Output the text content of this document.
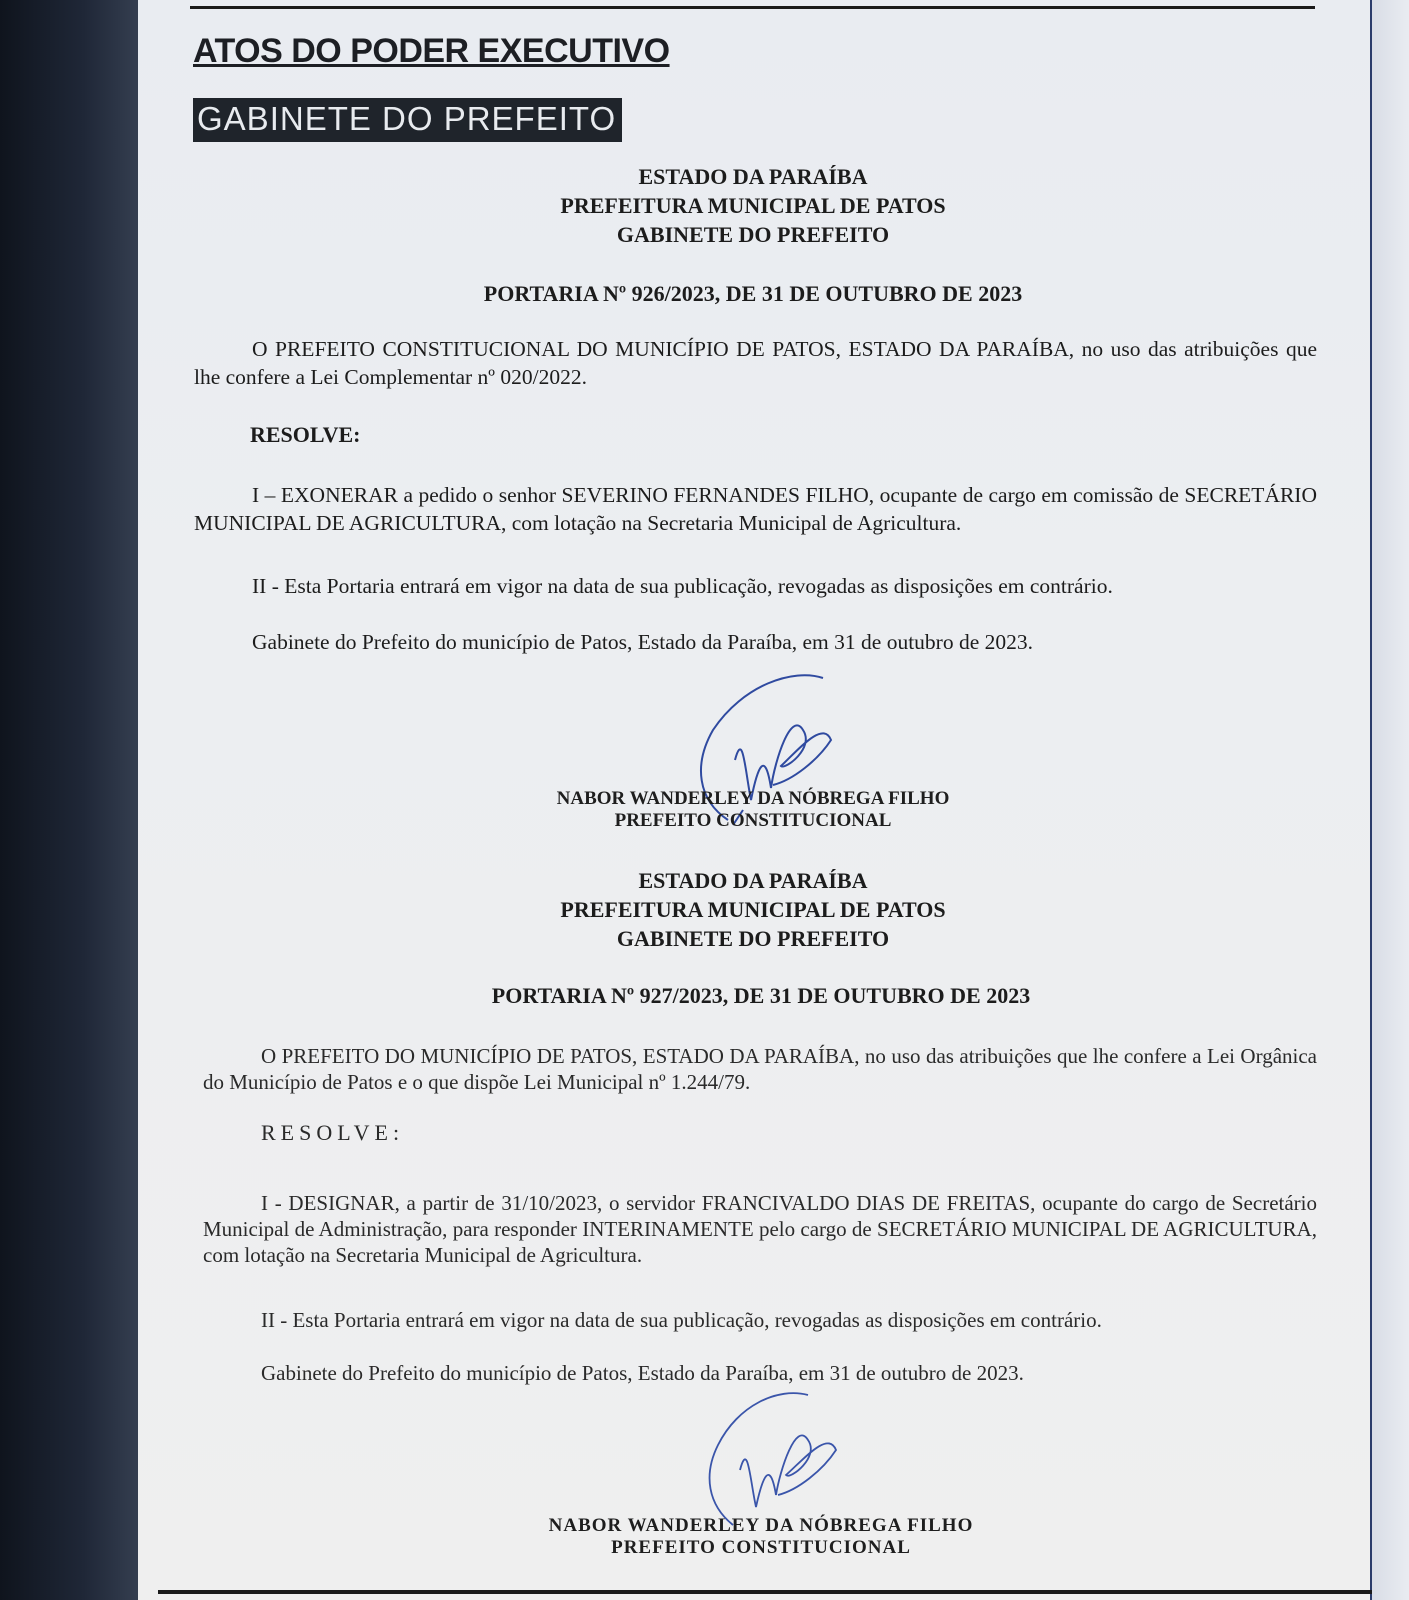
ATOS DO PODER EXECUTIVO
GABINETE DO PREFEITO
ESTADO DA PARAÍBA
PREFEITURA MUNICIPAL DE PATOS
GABINETE DO PREFEITO
PORTARIA Nº 926/2023, DE 31 DE OUTUBRO DE 2023
O PREFEITO CONSTITUCIONAL DO MUNICÍPIO DE PATOS, ESTADO DA PARAÍBA, no uso das atribuições que lhe confere a Lei Complementar nº 020/2022.
RESOLVE:
I – EXONERAR a pedido o senhor SEVERINO FERNANDES FILHO, ocupante de cargo em comissão de SECRETÁRIO MUNICIPAL DE AGRICULTURA, com lotação na Secretaria Municipal de Agricultura.
II - Esta Portaria entrará em vigor na data de sua publicação, revogadas as disposições em contrário.
Gabinete do Prefeito do município de Patos, Estado da Paraíba, em 31 de outubro de 2023.
NABOR WANDERLEY DA NÓBREGA FILHO
PREFEITO CONSTITUCIONAL
ESTADO DA PARAÍBA
PREFEITURA MUNICIPAL DE PATOS
GABINETE DO PREFEITO
PORTARIA Nº 927/2023, DE 31 DE OUTUBRO DE 2023
O PREFEITO DO MUNICÍPIO DE PATOS, ESTADO DA PARAÍBA, no uso das atribuições que lhe confere a Lei Orgânica do Município de Patos e o que dispõe Lei Municipal nº 1.244/79.
RESOLVE:
I - DESIGNAR, a partir de 31/10/2023, o servidor FRANCIVALDO DIAS DE FREITAS, ocupante do cargo de Secretário Municipal de Administração, para responder INTERINAMENTE pelo cargo de SECRETÁRIO MUNICIPAL DE AGRICULTURA, com lotação na Secretaria Municipal de Agricultura.
II - Esta Portaria entrará em vigor na data de sua publicação, revogadas as disposições em contrário.
Gabinete do Prefeito do município de Patos, Estado da Paraíba, em 31 de outubro de 2023.
NABOR WANDERLEY DA NÓBREGA FILHO
PREFEITO CONSTITUCIONAL
